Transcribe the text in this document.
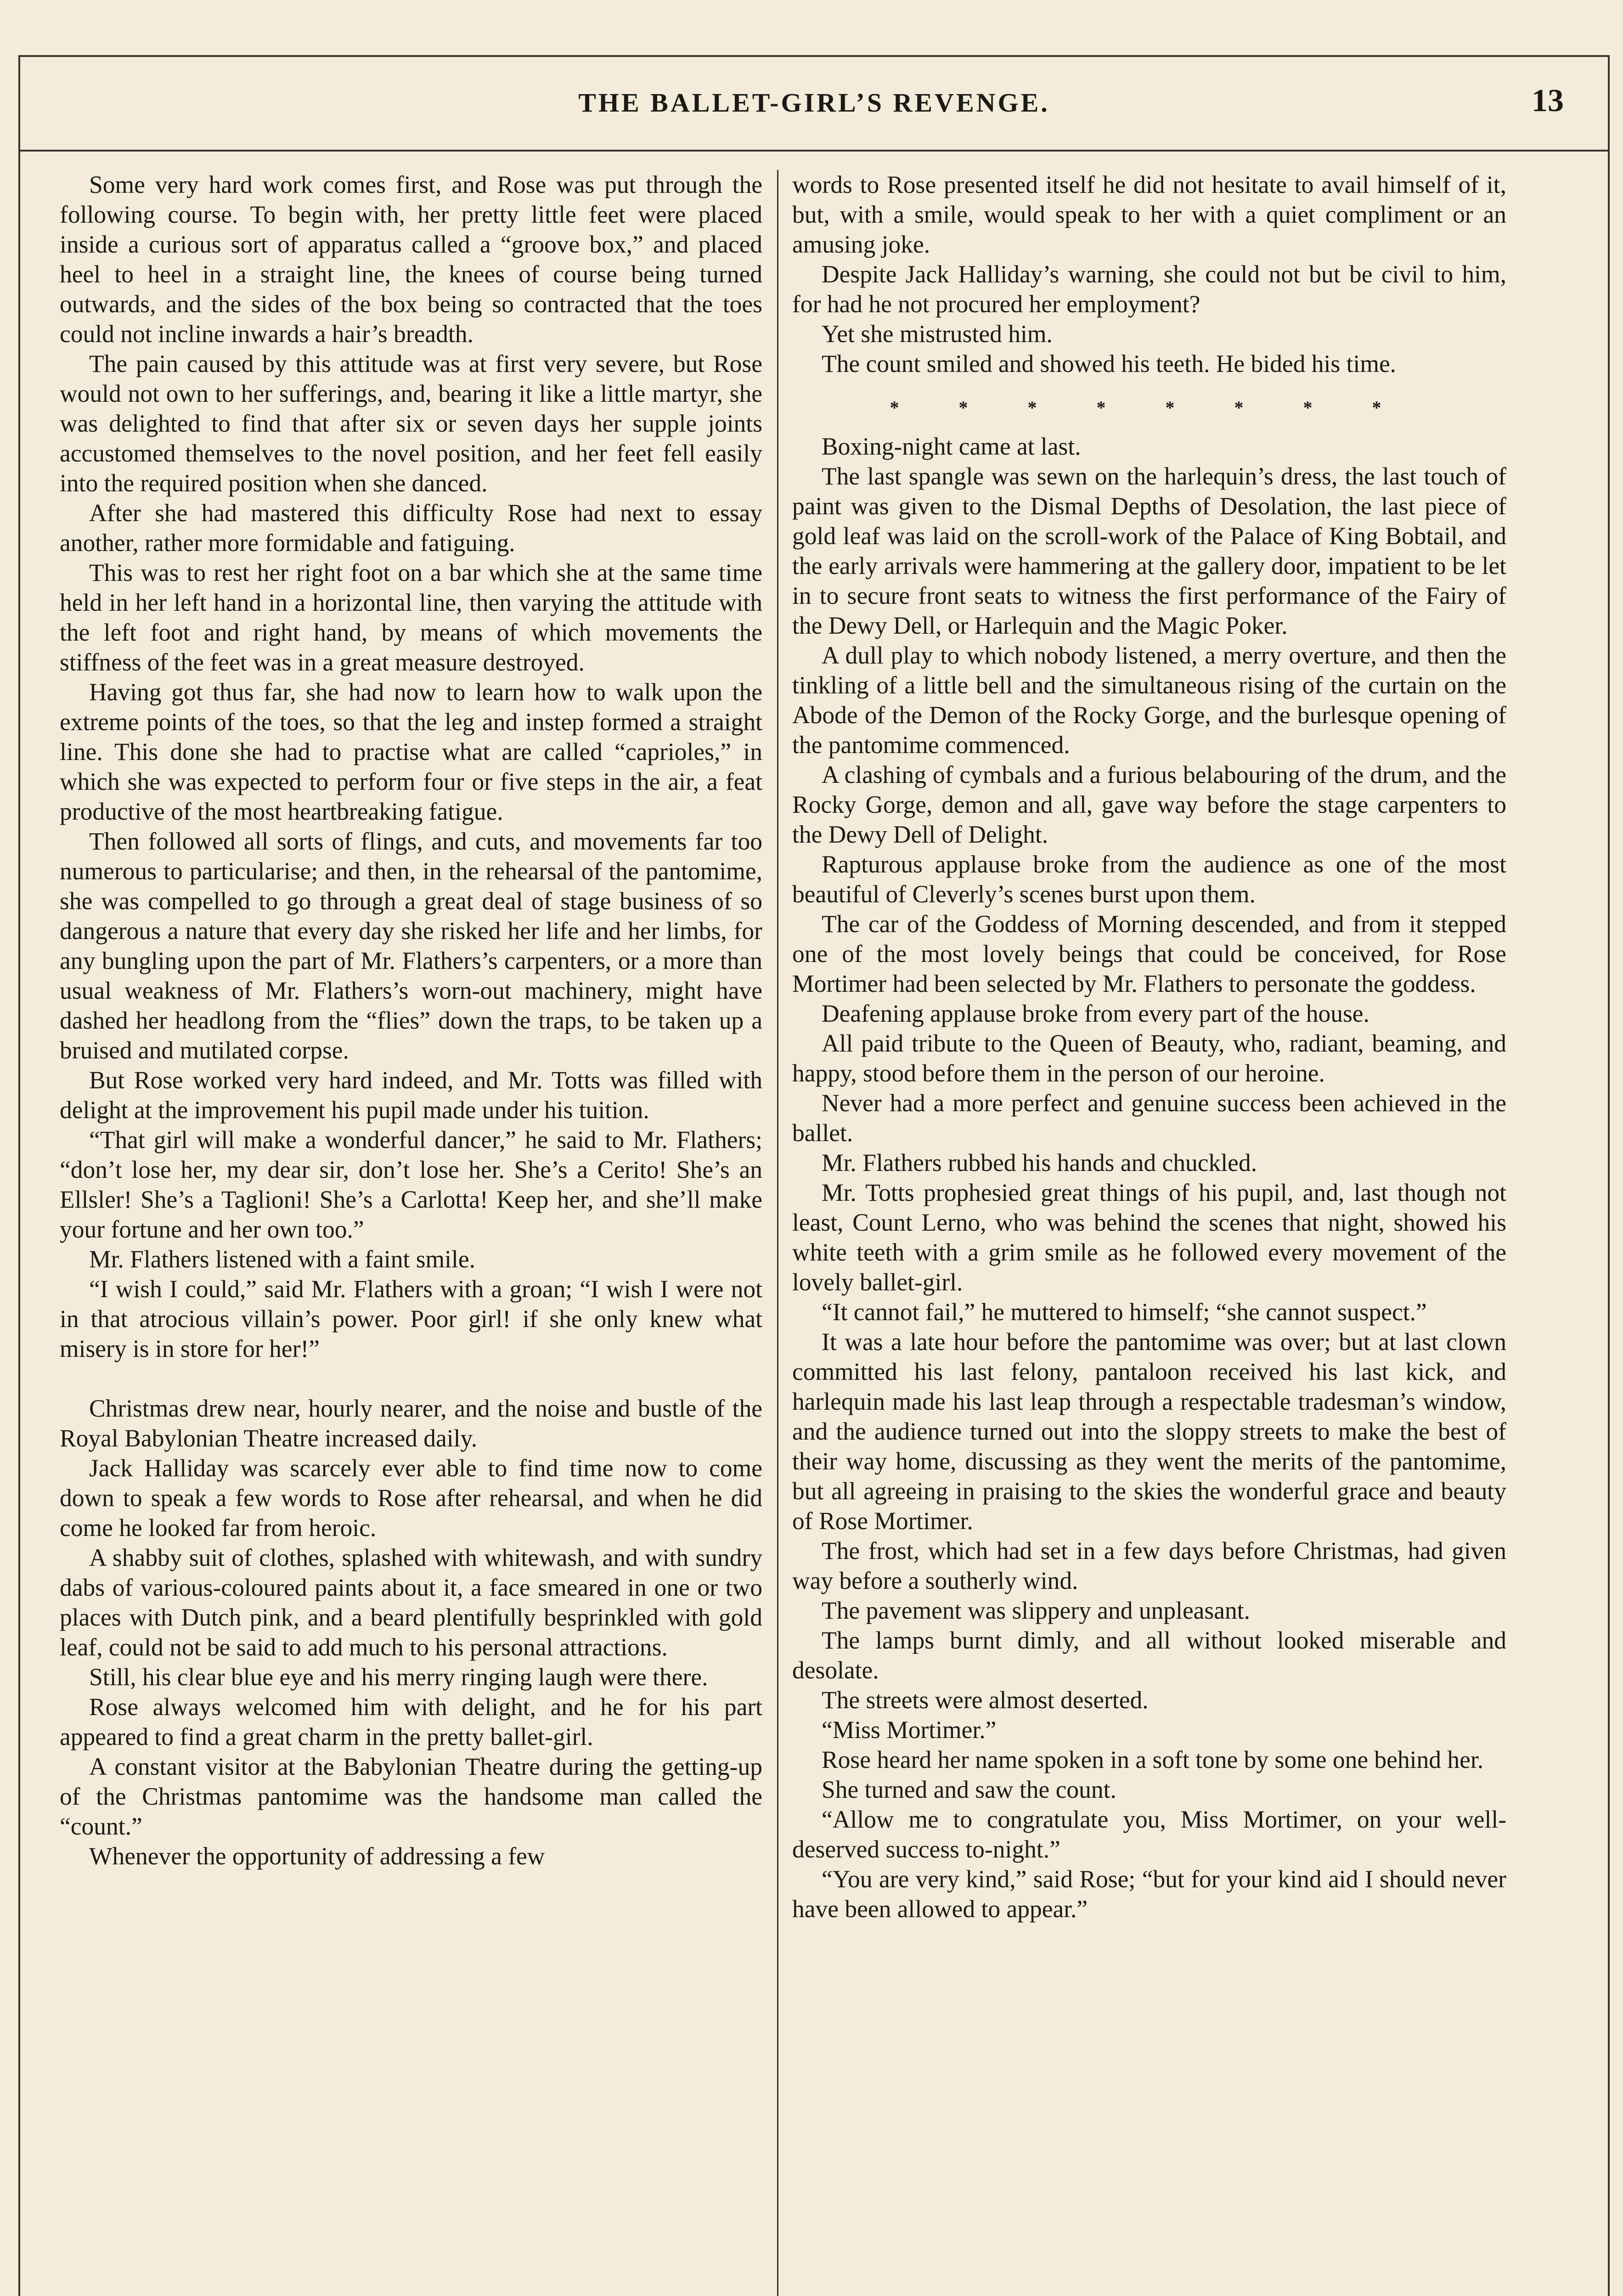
THE BALLET-GIRL’S REVENGE.	13

Some very hard work comes first, and Rose was put through the following course. To begin with, her pretty little feet were placed inside a curious sort of apparatus called a “groove box,” and placed heel to heel in a straight line, the knees of course being turned outwards, and the sides of the box being so contracted that the toes could not incline inwards a hair’s breadth.

The pain caused by this attitude was at first very severe, but Rose would not own to her sufferings, and, bearing it like a little martyr, she was delighted to find that after six or seven days her supple joints accustomed themselves to the novel position, and her feet fell easily into the required position when she danced.

After she had mastered this difficulty Rose had next to essay another, rather more formidable and fatiguing.

This was to rest her right foot on a bar which she at the same time held in her left hand in a horizontal line, then varying the attitude with the left foot and right hand, by means of which movements the stiffness of the feet was in a great measure destroyed.

Having got thus far, she had now to learn how to walk upon the extreme points of the toes, so that the leg and instep formed a straight line. This done she had to practise what are called “caprioles,” in which she was expected to perform four or five steps in the air, a feat productive of the most heartbreaking fatigue.

Then followed all sorts of flings, and cuts, and movements far too numerous to particularise; and then, in the rehearsal of the pantomime, she was compelled to go through a great deal of stage business of so dangerous a nature that every day she risked her life and her limbs, for any bungling upon the part of Mr. Flathers’s carpenters, or a more than usual weakness of Mr. Flathers’s worn-out machinery, might have dashed her headlong from the “flies” down the traps, to be taken up a bruised and mutilated corpse.

But Rose worked very hard indeed, and Mr. Totts was filled with delight at the improvement his pupil made under his tuition.

“That girl will make a wonderful dancer,” he said to Mr. Flathers; “don’t lose her, my dear sir, don’t lose her. She’s a Cerito! She’s an Ellsler! She’s a Taglioni! She’s a Carlotta! Keep her, and she’ll make your fortune and her own too.”

Mr. Flathers listened with a faint smile.

“I wish I could,” said Mr. Flathers with a groan; “I wish I were not in that atrocious villain’s power. Poor girl! if she only knew what misery is in store for her!”

Christmas drew near, hourly nearer, and the noise and bustle of the Royal Babylonian Theatre increased daily.

Jack Halliday was scarcely ever able to find time now to come down to speak a few words to Rose after rehearsal, and when he did come he looked far from heroic.

A shabby suit of clothes, splashed with whitewash, and with sundry dabs of various-coloured paints about it, a face smeared in one or two places with Dutch pink, and a beard plentifully besprinkled with gold leaf, could not be said to add much to his personal attractions.

Still, his clear blue eye and his merry ringing laugh were there.

Rose always welcomed him with delight, and he for his part appeared to find a great charm in the pretty ballet-girl.

A constant visitor at the Babylonian Theatre during the getting-up of the Christmas pantomime was the handsome man called the “count.”

Whenever the opportunity of addressing a few

words to Rose presented itself he did not hesitate to avail himself of it, but, with a smile, would speak to her with a quiet compliment or an amusing joke.

Despite Jack Halliday’s warning, she could not but be civil to him, for had he not procured her employment?

Yet she mistrusted him.

The count smiled and showed his teeth. He bided his time.

* * * * * * * *

Boxing-night came at last.

The last spangle was sewn on the harlequin’s dress, the last touch of paint was given to the Dismal Depths of Desolation, the last piece of gold leaf was laid on the scroll-work of the Palace of King Bobtail, and the early arrivals were hammering at the gallery door, impatient to be let in to secure front seats to witness the first performance of the Fairy of the Dewy Dell, or Harlequin and the Magic Poker.

A dull play to which nobody listened, a merry overture, and then the tinkling of a little bell and the simultaneous rising of the curtain on the Abode of the Demon of the Rocky Gorge, and the burlesque opening of the pantomime commenced.

A clashing of cymbals and a furious belabouring of the drum, and the Rocky Gorge, demon and all, gave way before the stage carpenters to the Dewy Dell of Delight.

Rapturous applause broke from the audience as one of the most beautiful of Cleverly’s scenes burst upon them.

The car of the Goddess of Morning descended, and from it stepped one of the most lovely beings that could be conceived, for Rose Mortimer had been selected by Mr. Flathers to personate the goddess.

Deafening applause broke from every part of the house.

All paid tribute to the Queen of Beauty, who, radiant, beaming, and happy, stood before them in the person of our heroine.

Never had a more perfect and genuine success been achieved in the ballet.

Mr. Flathers rubbed his hands and chuckled.

Mr. Totts prophesied great things of his pupil, and, last though not least, Count Lerno, who was behind the scenes that night, showed his white teeth with a grim smile as he followed every movement of the lovely ballet-girl.

“It cannot fail,” he muttered to himself; “she cannot suspect.”

It was a late hour before the pantomime was over; but at last clown committed his last felony, pantaloon received his last kick, and harlequin made his last leap through a respectable tradesman’s window, and the audience turned out into the sloppy streets to make the best of their way home, discussing as they went the merits of the pantomime, but all agreeing in praising to the skies the wonderful grace and beauty of Rose Mortimer.

The frost, which had set in a few days before Christmas, had given way before a southerly wind.

The pavement was slippery and unpleasant.

The lamps burnt dimly, and all without looked miserable and desolate.

The streets were almost deserted.

“Miss Mortimer.”

Rose heard her name spoken in a soft tone by some one behind her.

She turned and saw the count.

“Allow me to congratulate you, Miss Mortimer, on your well-deserved success to-night.”

“You are very kind,” said Rose; “but for your kind aid I should never have been allowed to appear.”
